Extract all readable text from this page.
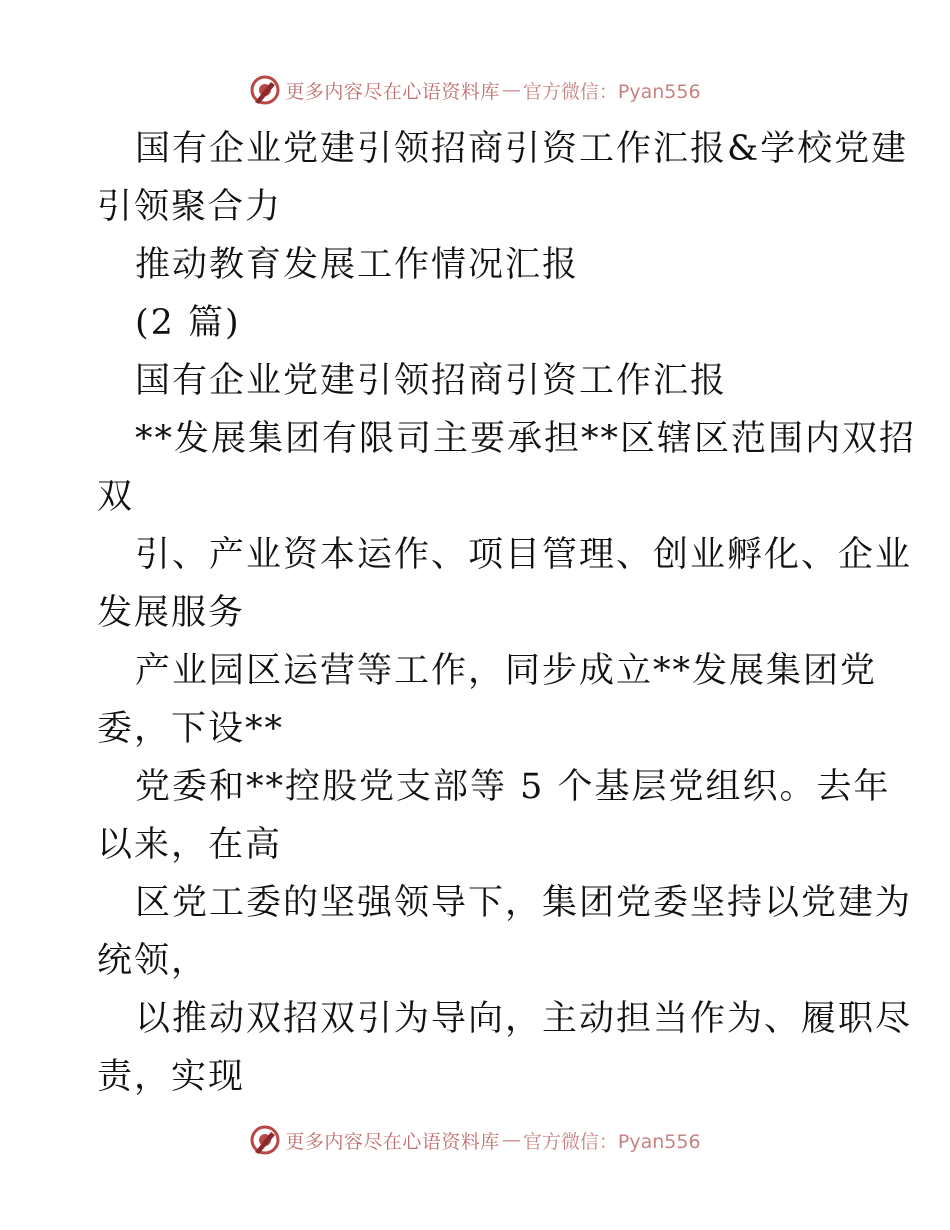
更多内容尽在心语资料库 — 官方微信：Pyan556
国有企业党建引领招商引资工作汇报&学校党建
引领聚合力
推动教育发展工作情况汇报
(2 篇)
国有企业党建引领招商引资工作汇报
**发展集团有限司主要承担**区辖区范围内双招
双
引、产业资本运作、项目管理、创业孵化、企业
发展服务
产业园区运营等工作，同步成立**发展集团党
委，下设**
党委和**控股党支部等 5 个基层党组织。去年
以来，在高
区党工委的坚强领导下，集团党委坚持以党建为
统领，
以推动双招双引为导向，主动担当作为、履职尽
责，实现
更多内容尽在心语资料库 — 官方微信：Pyan556
